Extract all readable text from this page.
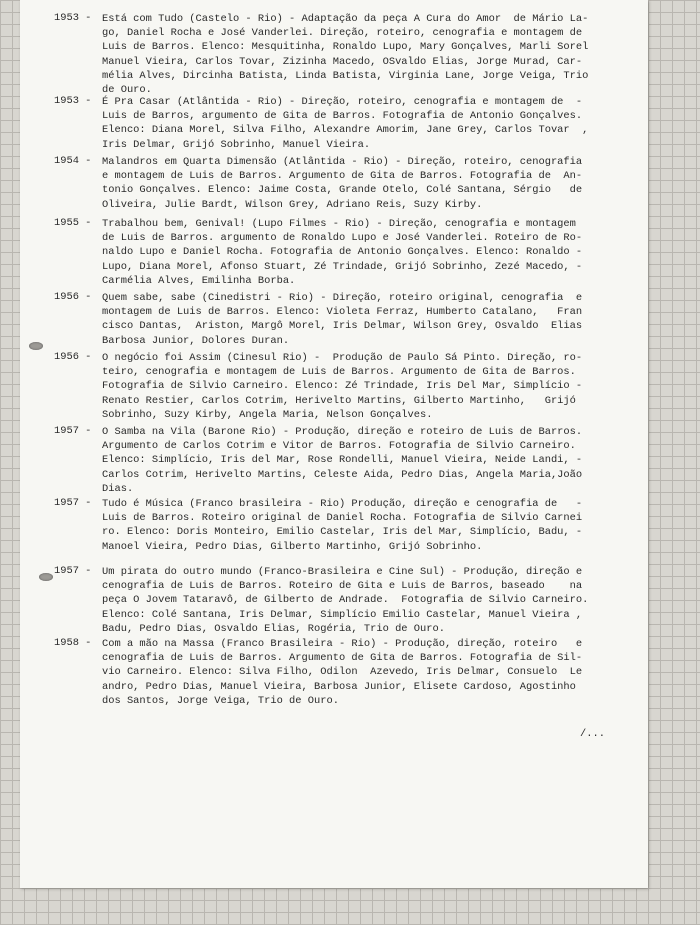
1953 - Está com Tudo (Castelo - Rio) - Adaptação da peça A Cura do Amor  de Mário La-
go, Daniel Rocha e José Vanderlei. Direção, roteiro, cenografia e montagem de
Luis de Barros. Elenco: Mesquitinha, Ronaldo Lupo, Mary Gonçalves, Marli Sorel
Manuel Vieira, Carlos Tovar, Zizinha Macedo, OSvaldo Elias, Jorge Murad, Car-
mélia Alves, Dircinha Batista, Linda Batista, Virginia Lane, Jorge Veiga, Trio
de Ouro.

1953 - É Pra Casar (Atlântida - Rio) - Direção, roteiro, cenografia e montagem de  -
Luis de Barros, argumento de Gita de Barros. Fotografia de Antonio Gonçalves.
Elenco: Diana Morel, Silva Filho, Alexandre Amorim, Jane Grey, Carlos Tovar  ,
Iris Delmar, Grijó Sobrinho, Manuel Vieira.

1954 - Malandros em Quarta Dimensão (Atlântida - Rio) - Direção, roteiro, cenografia
e montagem de Luis de Barros. Argumento de Gita de Barros. Fotografia de  An-
tonio Gonçalves. Elenco: Jaime Costa, Grande Otelo, Colé Santana, Sérgio   de
Oliveira, Julie Bardt, Wilson Grey, Adriano Reis, Suzy Kirby.

1955 - Trabalhou bem, Genival! (Lupo Filmes - Rio) - Direção, cenografia e montagem
de Luis de Barros. argumento de Ronaldo Lupo e José Vanderlei. Roteiro de Ro-
naldo Lupo e Daniel Rocha. Fotografia de Antonio Gonçalves. Elenco: Ronaldo -
Lupo, Diana Morel, Afonso Stuart, Zé Trindade, Grijó Sobrinho, Zezé Macedo, -
Carmélia Alves, Emilinha Borba.

1956 - Quem sabe, sabe (Cinedistri - Rio) - Direção, roteiro original, cenografia  e
montagem de Luis de Barros. Elenco: Violeta Ferraz, Humberto Catalano,   Fran
cisco Dantas,  Ariston, Margô Morel, Iris Delmar, Wilson Grey, Osvaldo  Elias
Barbosa Junior, Dolores Duran.

1956 - O negócio foi Assim (Cinesul Rio) -  Produção de Paulo Sá Pinto. Direção, ro-
teiro, cenografia e montagem de Luis de Barros. Argumento de Gita de Barros.
Fotografia de Silvio Carneiro. Elenco: Zé Trindade, Iris Del Mar, Simplício -
Renato Restier, Carlos Cotrim, Herivelto Martins, Gilberto Martinho,   Grijó
Sobrinho, Suzy Kirby, Angela Maria, Nelson Gonçalves.

1957 - O Samba na Vila (Barone Rio) - Produção, direção e roteiro de Luis de Barros.
Argumento de Carlos Cotrim e Vitor de Barros. Fotografia de Silvio Carneiro.
Elenco: Simplício, Iris del Mar, Rose Rondelli, Manuel Vieira, Neide Landi, -
Carlos Cotrim, Herivelto Martins, Celeste Aida, Pedro Dias, Angela Maria,João
Dias.

1957 - Tudo é Música (Franco brasileira - Rio) Produção, direção e cenografia de   -
Luis de Barros. Roteiro original de Daniel Rocha. Fotografia de Silvio Carnei
ro. Elenco: Doris Monteiro, Emilio Castelar, Iris del Mar, Simplício, Badu, -
Manoel Vieira, Pedro Dias, Gilberto Martinho, Grijó Sobrinho.

1957 - Um pirata do outro mundo (Franco-Brasileira e Cine Sul) - Produção, direção e
cenografia de Luis de Barros. Roteiro de Gita e Luis de Barros, baseado    na
peça O Jovem Tataravô, de Gilberto de Andrade.  Fotografia de Silvio Carneiro.
Elenco: Colé Santana, Iris Delmar, Simplício Emilio Castelar, Manuel Vieira ,
Badu, Pedro Dias, Osvaldo Elias, Rogéria, Trio de Ouro.

1958 - Com a mão na Massa (Franco Brasileira - Rio) - Produção, direção, roteiro   e
cenografia de Luis de Barros. Argumento de Gita de Barros. Fotografia de Sil-
vio Carneiro. Elenco: Silva Filho, Odilon  Azevedo, Iris Delmar, Consuelo  Le
andro, Pedro Dias, Manuel Vieira, Barbosa Junior, Elisete Cardoso, Agostinho
dos Santos, Jorge Veiga, Trio de Ouro.

/...
